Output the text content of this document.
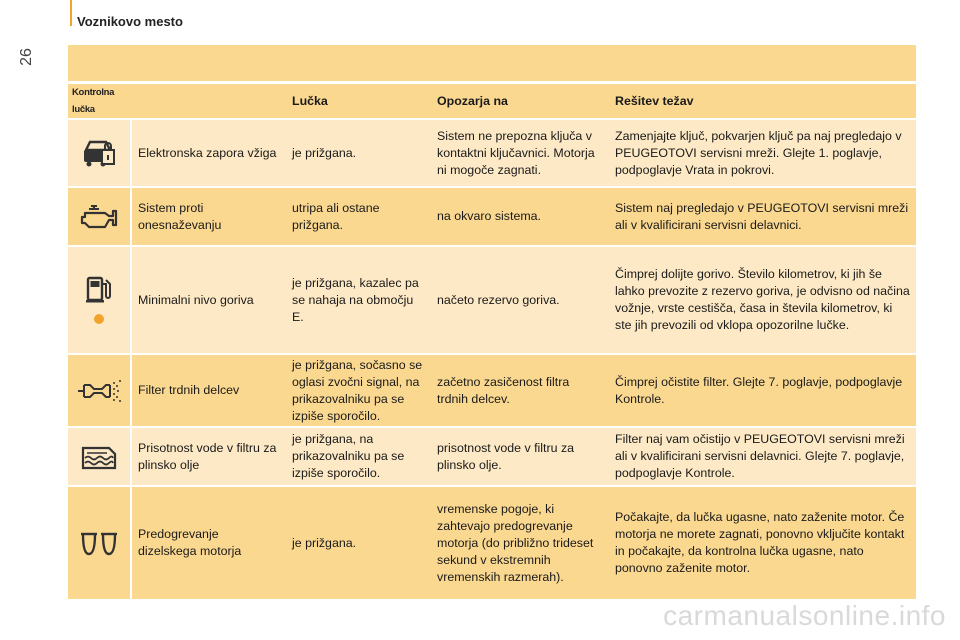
Voznikovo mesto
26
Kontrolna lučka		Lučka	Opozarja na	Rešitev težav

	Elektronska zapora vžiga	je prižgana.	Sistem ne prepozna ključa v kontaktni ključavnici. Motorja ni mogoče zagnati.	Zamenjajte ključ, pokvarjen ključ pa naj pregledajo v PEUGEOTOVI servisni mreži. Glejte 1. poglavje, podpoglavje Vrata in pokrovi.

	Sistem proti onesnaževanju	utripa ali ostane prižgana.	na okvaro sistema.	Sistem naj pregledajo v PEUGEOTOVI servisni mreži ali v kvalificirani servisni delavnici.

	Minimalni nivo goriva	je prižgana, kazalec pa se nahaja na območju E.	načeto rezervo goriva.	Čimprej dolijte gorivo. Število kilometrov, ki jih še lahko prevozite z rezervo goriva, je odvisno od načina vožnje, vrste cestišča, časa in števila kilometrov, ki ste jih prevozili od vklopa opozorilne lučke.

	Filter trdnih delcev	je prižgana, sočasno se oglasi zvočni signal, na prikazovalniku pa se izpiše sporočilo.	začetno zasičenost filtra trdnih delcev.	Čimprej očistite filter. Glejte 7. poglavje, podpoglavje Kontrole.

	Prisotnost vode v filtru za plinsko olje	je prižgana, na prikazovalniku pa se izpiše sporočilo.	prisotnost vode v filtru za plinsko olje.	Filter naj vam očistijo v PEUGEOTOVI servisni mreži ali v kvalificirani servisni delavnici. Glejte 7. poglavje, podpoglavje Kontrole.

	Predogrevanje dizelskega motorja	je prižgana.	vremenske pogoje, ki zahtevajo predogrevanje motorja (do približno trideset sekund v ekstremnih vremenskih razmerah).	Počakajte, da lučka ugasne, nato zaženite motor. Če motorja ne morete zagnati, ponovno vključite kontakt in počakajte, da kontrolna lučka ugasne, nato ponovno zaženite motor.
carmanualsonline.info
